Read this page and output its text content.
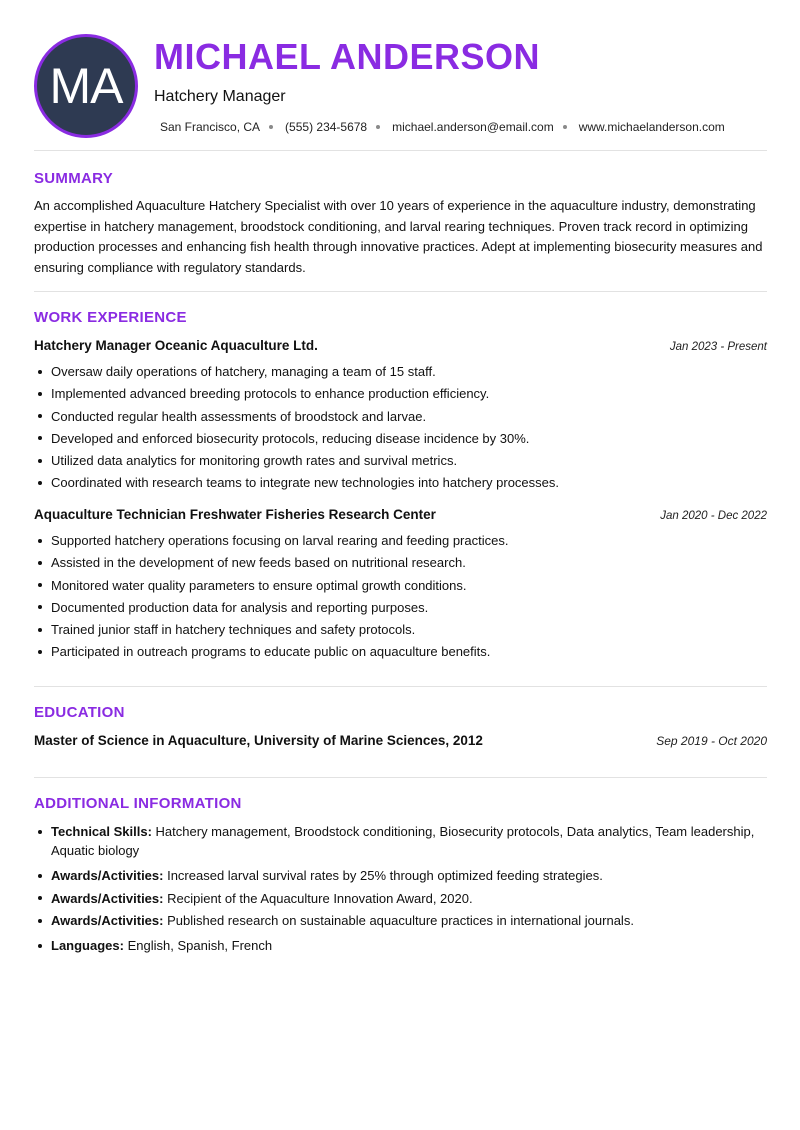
MA
MICHAEL ANDERSON
Hatchery Manager
San Francisco, CA (555) 234-5678 michael.anderson@email.com www.michaelanderson.com
SUMMARY

An accomplished Aquaculture Hatchery Specialist with over 10 years of experience in the aquaculture industry, demonstrating expertise in hatchery management, broodstock conditioning, and larval rearing techniques. Proven track record in optimizing production processes and enhancing fish health through innovative practices. Adept at implementing biosecurity measures and ensuring compliance with regulatory standards.

WORK EXPERIENCE
Hatchery Manager Oceanic Aquaculture Ltd.	Jan 2023 - Present
Oversaw daily operations of hatchery, managing a team of 15 staff.
Implemented advanced breeding protocols to enhance production efficiency.
Conducted regular health assessments of broodstock and larvae.
Developed and enforced biosecurity protocols, reducing disease incidence by 30%.
Utilized data analytics for monitoring growth rates and survival metrics.
Coordinated with research teams to integrate new technologies into hatchery processes.
Aquaculture Technician Freshwater Fisheries Research Center	Jan 2020 - Dec 2022
Supported hatchery operations focusing on larval rearing and feeding practices.
Assisted in the development of new feeds based on nutritional research.
Monitored water quality parameters to ensure optimal growth conditions.
Documented production data for analysis and reporting purposes.
Trained junior staff in hatchery techniques and safety protocols.
Participated in outreach programs to educate public on aquaculture benefits.
EDUCATION
Master of Science in Aquaculture, University of Marine Sciences, 2012	Sep 2019 - Oct 2020
ADDITIONAL INFORMATION
Technical Skills: Hatchery management, Broodstock conditioning, Biosecurity protocols, Data analytics, Team leadership, Aquatic biology
Awards/Activities: Increased larval survival rates by 25% through optimized feeding strategies.
Awards/Activities: Recipient of the Aquaculture Innovation Award, 2020.
Awards/Activities: Published research on sustainable aquaculture practices in international journals.
Languages: English, Spanish, French
